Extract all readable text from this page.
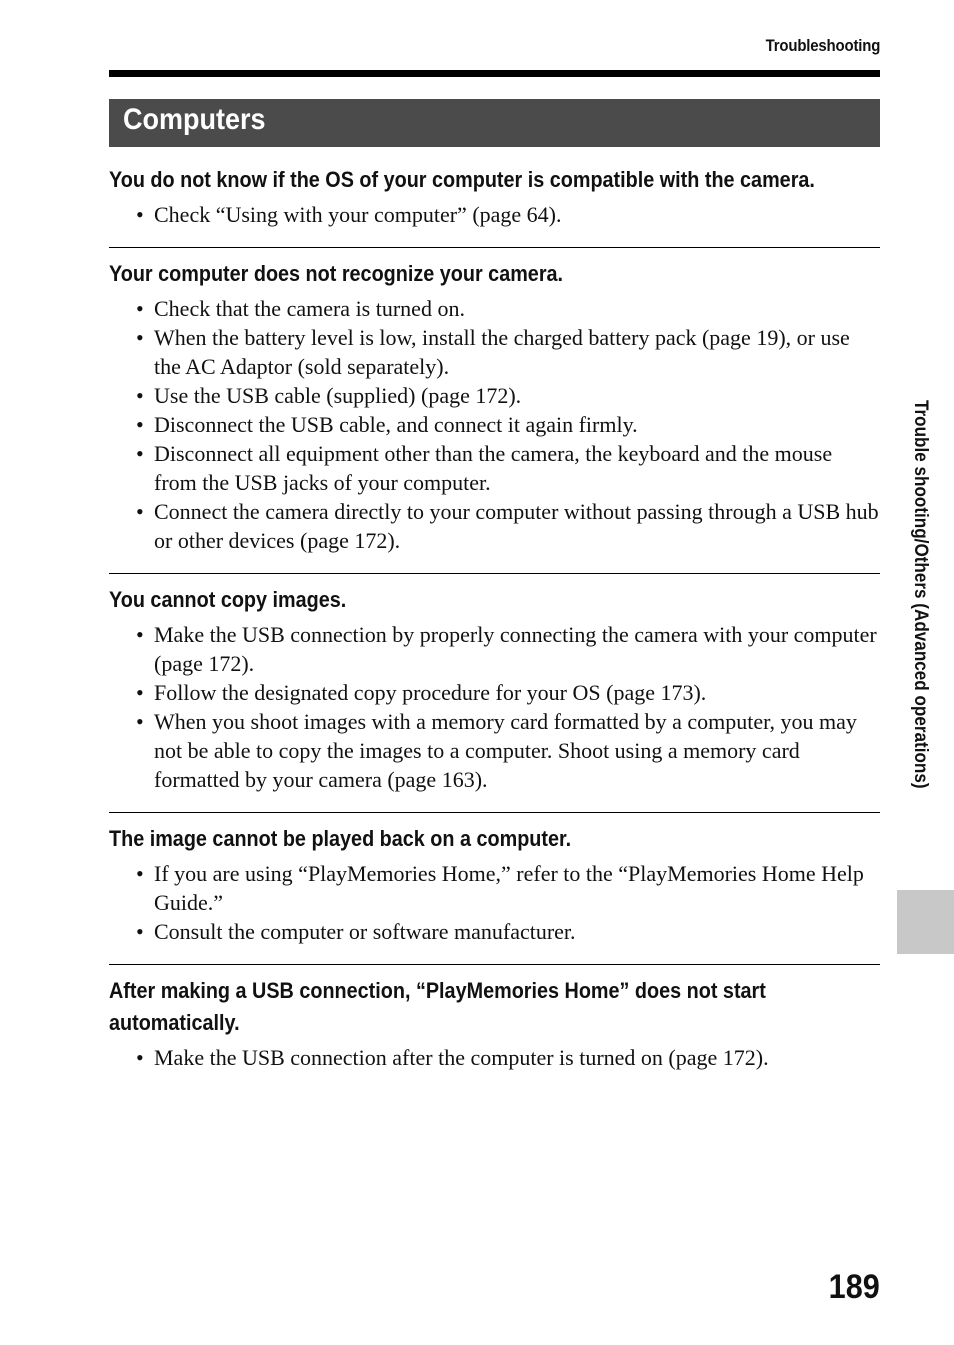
Troubleshooting
Computers
You do not know if the OS of your computer is compatible with the camera.
• Check “Using with your computer” (page 64).
Your computer does not recognize your camera.
• Check that the camera is turned on.
• When the battery level is low, install the charged battery pack (page 19), or use the AC Adaptor (sold separately).
• Use the USB cable (supplied) (page 172).
• Disconnect the USB cable, and connect it again firmly.
• Disconnect all equipment other than the camera, the keyboard and the mouse from the USB jacks of your computer.
• Connect the camera directly to your computer without passing through a USB hub or other devices (page 172).
You cannot copy images.
• Make the USB connection by properly connecting the camera with your computer (page 172).
• Follow the designated copy procedure for your OS (page 173).
• When you shoot images with a memory card formatted by a computer, you may not be able to copy the images to a computer. Shoot using a memory card formatted by your camera (page 163).
The image cannot be played back on a computer.
• If you are using “PlayMemories Home,” refer to the “PlayMemories Home Help Guide.”
• Consult the computer or software manufacturer.
After making a USB connection, “PlayMemories Home” does not start automatically.
• Make the USB connection after the computer is turned on (page 172).
Trouble shooting/Others (Advanced operations)
189
